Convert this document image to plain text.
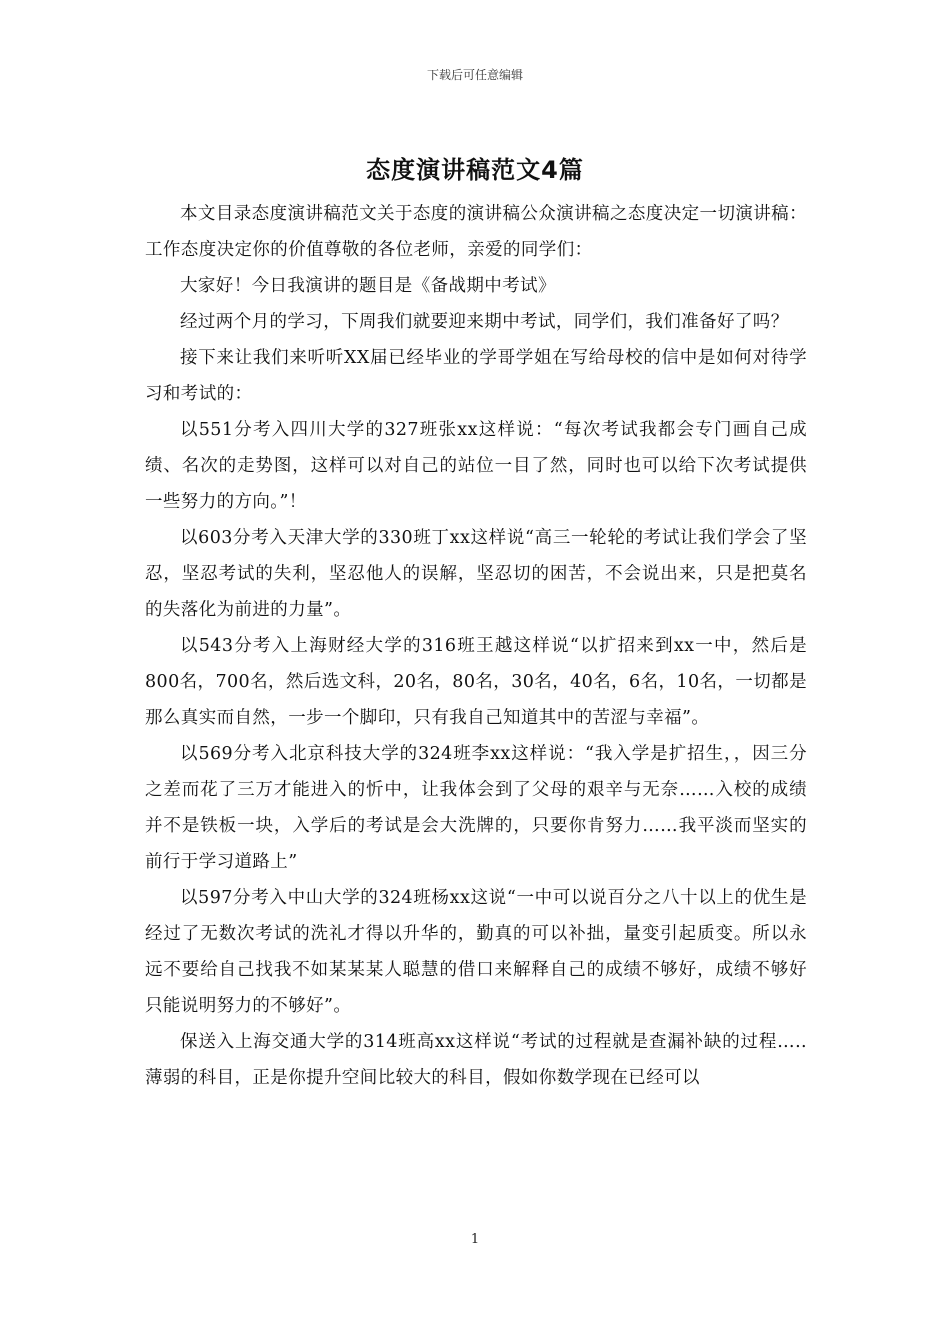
下载后可任意编辑
态度演讲稿范文4篇

本文目录态度演讲稿范文关于态度的演讲稿公众演讲稿之态度决定一切演讲稿：工作态度决定你的价值尊敬的各位老师，亲爱的同学们：

大家好！今日我演讲的题目是《备战期中考试》

经过两个月的学习，下周我们就要迎来期中考试，同学们，我们准备好了吗？

接下来让我们来听听XX届已经毕业的学哥学姐在写给母校的信中是如何对待学习和考试的：

以551分考入四川大学的327班张xx这样说：“每次考试我都会专门画自己成绩、名次的走势图，这样可以对自己的站位一目了然，同时也可以给下次考试提供一些努力的方向。”！

以603分考入天津大学的330班丁xx这样说“高三一轮轮的考试让我们学会了坚忍，坚忍考试的失利，坚忍他人的误解，坚忍切的困苦，不会说出来，只是把莫名的失落化为前进的力量”。

以543分考入上海财经大学的316班王越这样说“以扩招来到xx一中，然后是800名，700名，然后选文科，20名，80名，30名，40名，6名，10名，一切都是那么真实而自然，一步一个脚印，只有我自己知道其中的苦涩与幸福”。

以569分考入北京科技大学的324班李xx这样说：“我入学是扩招生，，因三分之差而花了三万才能进入的忻中，让我体会到了父母的艰辛与无奈……入校的成绩并不是铁板一块，入学后的考试是会大洗牌的，只要你肯努力……我平淡而坚实的前行于学习道路上”

以597分考入中山大学的324班杨xx这说“一中可以说百分之八十以上的优生是经过了无数次考试的洗礼才得以升华的，勤真的可以补拙，量变引起质变。所以永远不要给自己找我不如某某某人聪慧的借口来解释自己的成绩不够好，成绩不够好只能说明努力的不够好”。

保送入上海交通大学的314班高xx这样说“考试的过程就是查漏补缺的过程…..薄弱的科目，正是你提升空间比较大的科目，假如你数学现在已经可以

1
